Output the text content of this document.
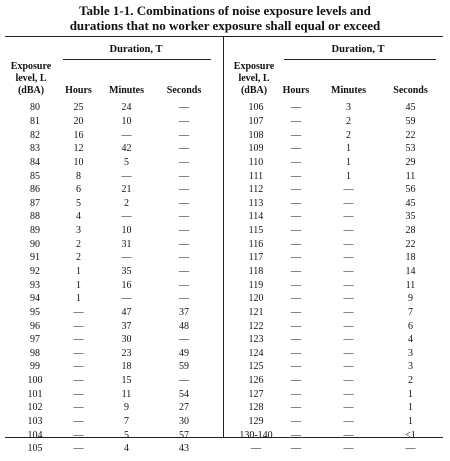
Table 1-1. Combinations of noise exposure levels and
durations that no worker exposure shall equal or exceed
Exposure
level, L
(dBA)
Duration, T
Hours	Minutes	Seconds
Exposure
level, L
(dBA)
Duration, T
Hours	Minutes	Seconds
80	25	24	—
81	20	10	—
82	16	—	—
83	12	42	—
84	10	5	—
85	8	—	—
86	6	21	—
87	5	2	—
88	4	—	—
89	3	10	—
90	2	31	—
91	2	—	—
92	1	35	—
93	1	16	—
94	1	—	—
95	—	47	37
96	—	37	48
97	—	30	—
98	—	23	49
99	—	18	59
100	—	15	—
101	—	11	54
102	—	9	27
103	—	7	30
104	—	5	57
105	—	4	43
106	—	3	45
107	—	2	59
108	—	2	22
109	—	1	53
110	—	1	29
111	—	1	11
112	—	—	56
113	—	—	45
114	—	—	35
115	—	—	28
116	—	—	22
117	—	—	18
118	—	—	14
119	—	—	11
120	—	—	9
121	—	—	7
122	—	—	6
123	—	—	4
124	—	—	3
125	—	—	3
126	—	—	2
127	—	—	1
128	—	—	1
129	—	—	1
130-140	—	—	<1
—	—	—	—
